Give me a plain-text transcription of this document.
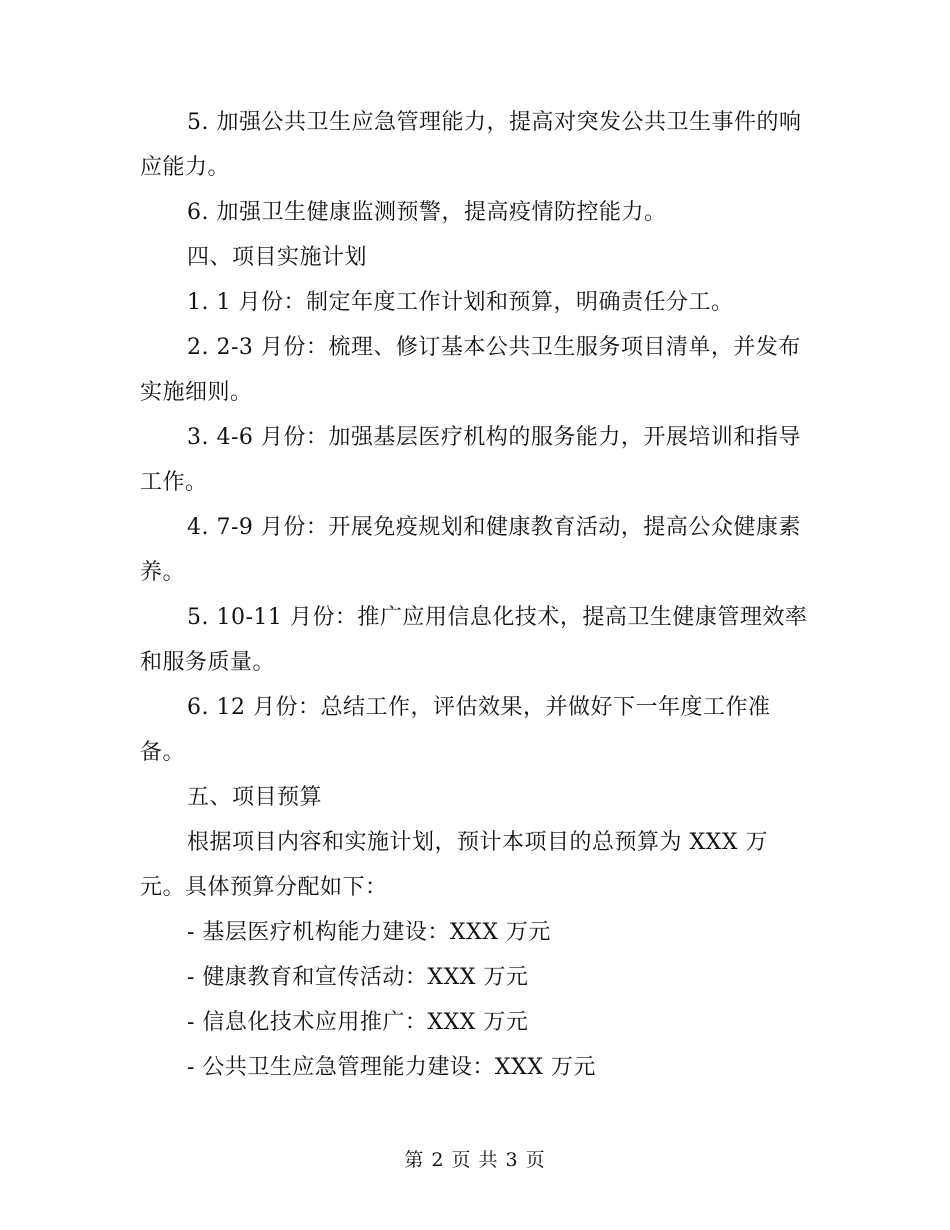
5. 加强公共卫生应急管理能力，提高对突发公共卫生事件的响应能力。

6. 加强卫生健康监测预警，提高疫情防控能力。

四、项目实施计划

1. 1 月份：制定年度工作计划和预算，明确责任分工。

2. 2-3 月份：梳理、修订基本公共卫生服务项目清单，并发布实施细则。

3. 4-6 月份：加强基层医疗机构的服务能力，开展培训和指导工作。

4. 7-9 月份：开展免疫规划和健康教育活动，提高公众健康素养。

5. 10-11 月份：推广应用信息化技术，提高卫生健康管理效率和服务质量。

6. 12 月份：总结工作，评估效果，并做好下一年度工作准备。

五、项目预算

根据项目内容和实施计划，预计本项目的总预算为 XXX 万元。具体预算分配如下：

- 基层医疗机构能力建设：XXX 万元

- 健康教育和宣传活动：XXX 万元

- 信息化技术应用推广：XXX 万元

- 公共卫生应急管理能力建设：XXX 万元

第 2 页 共 3 页
